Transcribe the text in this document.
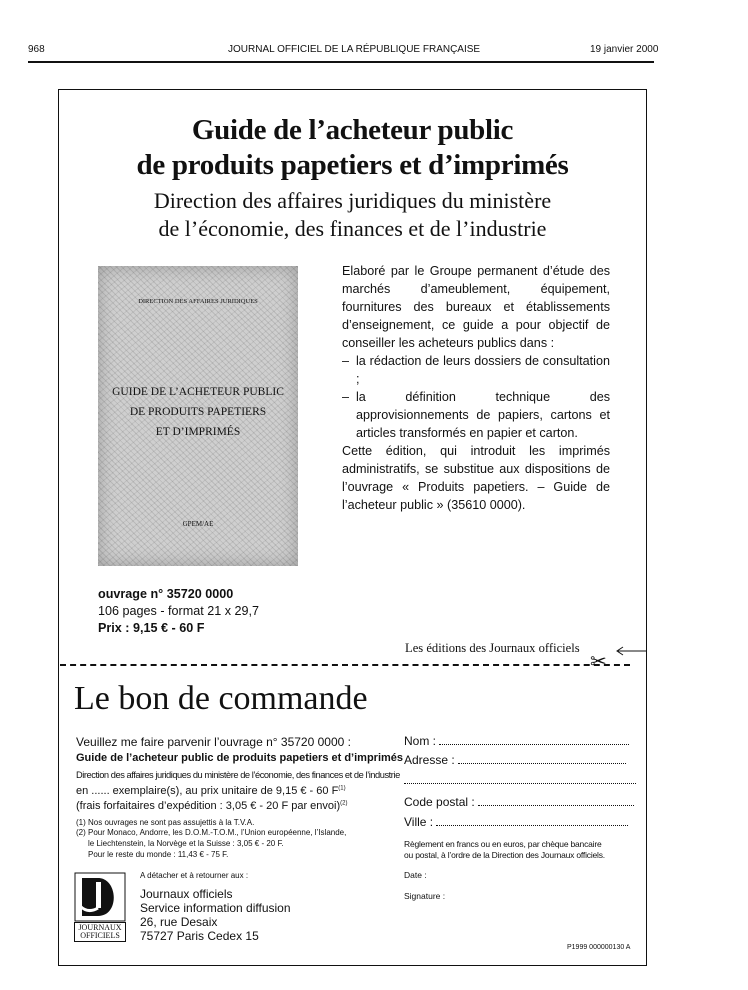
968	JOURNAL OFFICIEL DE LA RÉPUBLIQUE FRANÇAISE	19 janvier 2000
Guide de l’acheteur public
de produits papetiers et d’imprimés
Direction des affaires juridiques du ministère
de l’économie, des finances et de l’industrie
DIRECTION DES AFFAIRES JURIDIQUES
GUIDE DE L’ACHETEUR PUBLIC
DE PRODUITS PAPETIERS
ET D’IMPRIMÉS
GPEM/AE

Elaboré par le Groupe permanent d’étude des marchés d’ameublement, équipement, fournitures des bureaux et établissements d’enseignement, ce guide a pour objectif de conseiller les acheteurs publics dans :

– la rédaction de leurs dossiers de consultation ;

– la définition technique des approvisionnements de papiers, cartons et articles transformés en papier et carton.

Cette édition, qui introduit les imprimés administratifs, se substitue aux dispositions de l’ouvrage « Produits papetiers. – Guide de l’acheteur public » (35610 0000).

ouvrage n° 35720 0000
106 pages - format 21 x 29,7
Prix : 9,15 € - 60 F
Les éditions des Journaux officiels
✂
Le bon de commande
Veuillez me faire parvenir l’ouvrage n° 35720 0000 :
Guide de l’acheteur public de produits papetiers et d’imprimés
Direction des affaires juridiques du ministère de l’économie, des finances et de l’industrie
en ...... exemplaire(s), au prix unitaire de 9,15 € - 60 $F^{(1)}$
(frais forfaitaires d’expédition : 3,05 € - 20 F par envoi)$^{(2)}$
(1) Nos ouvrages ne sont pas assujettis à la T.V.A.
(2) Pour Monaco, Andorre, les D.O.M.-T.O.M., l’Union européenne, l’Islande,
le Liechtenstein, la Norvège et la Suisse : 3,05 € - 20 F.
Pour le reste du monde : 11,43 € - 75 F.
JOURNAUX
OFFICIELS
A détacher et à retourner aux :
Journaux officiels
Service information diffusion
26, rue Desaix
75727 Paris Cedex 15
Nom :
Adresse :
Code postal :
Ville :
Règlement en francs ou en euros, par chèque bancaire
ou postal, à l’ordre de la Direction des Journaux officiels.
Date :
Signature :
P1999 000000130 A
